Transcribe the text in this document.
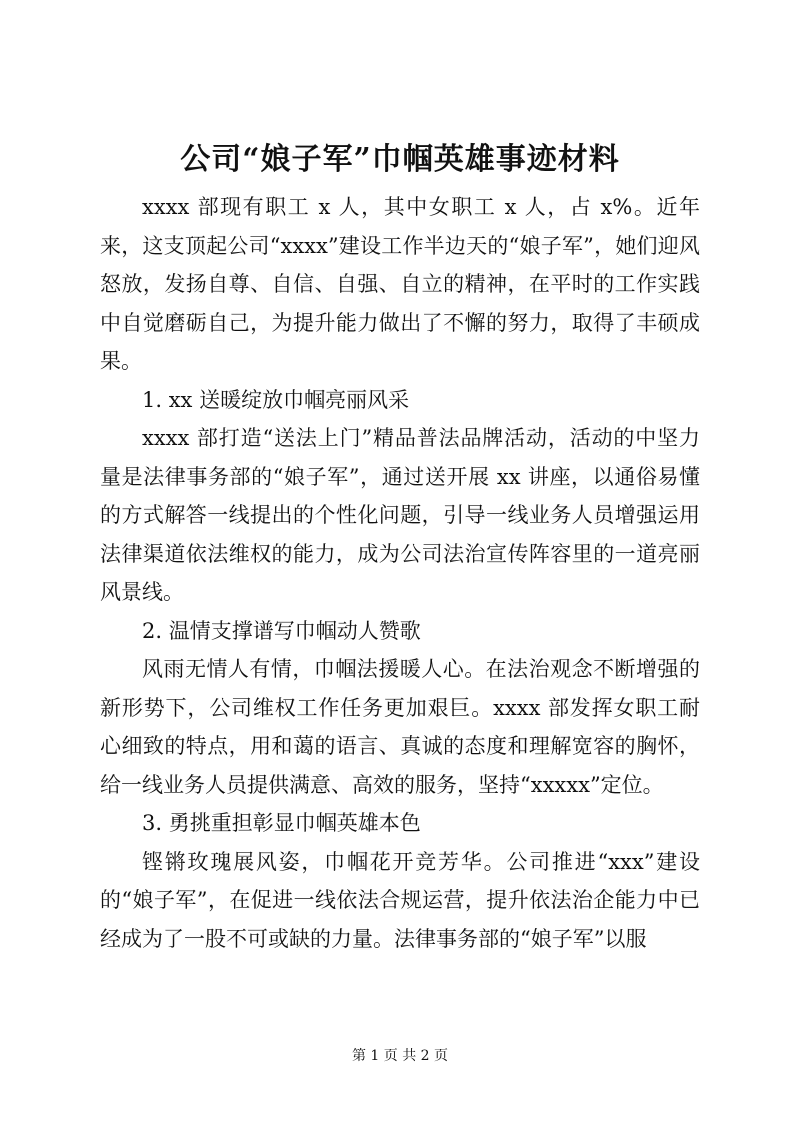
公司“娘子军”巾帼英雄事迹材料

xxxx 部现有职工 x 人，其中女职工 x 人，占 x%。近年来，这支顶起公司“xxxx”建设工作半边天的“娘子军”，她们迎风怒放，发扬自尊、自信、自强、自立的精神，在平时的工作实践中自觉磨砺自己，为提升能力做出了不懈的努力，取得了丰硕成果。

1. xx 送暖绽放巾帼亮丽风采

xxxx 部打造“送法上门”精品普法品牌活动，活动的中坚力量是法律事务部的“娘子军”，通过送开展 xx 讲座，以通俗易懂的方式解答一线提出的个性化问题，引导一线业务人员增强运用法律渠道依法维权的能力，成为公司法治宣传阵容里的一道亮丽风景线。

2. 温情支撑谱写巾帼动人赞歌

风雨无情人有情，巾帼法援暖人心。在法治观念不断增强的新形势下，公司维权工作任务更加艰巨。xxxx 部发挥女职工耐心细致的特点，用和蔼的语言、真诚的态度和理解宽容的胸怀，给一线业务人员提供满意、高效的服务，坚持“xxxxx”定位。

3. 勇挑重担彰显巾帼英雄本色

铿锵玫瑰展风姿，巾帼花开竞芳华。公司推进“xxx”建设的“娘子军”，在促进一线依法合规运营，提升依法治企能力中已经成为了一股不可或缺的力量。法律事务部的“娘子军”以服

第 1 页 共 2 页
